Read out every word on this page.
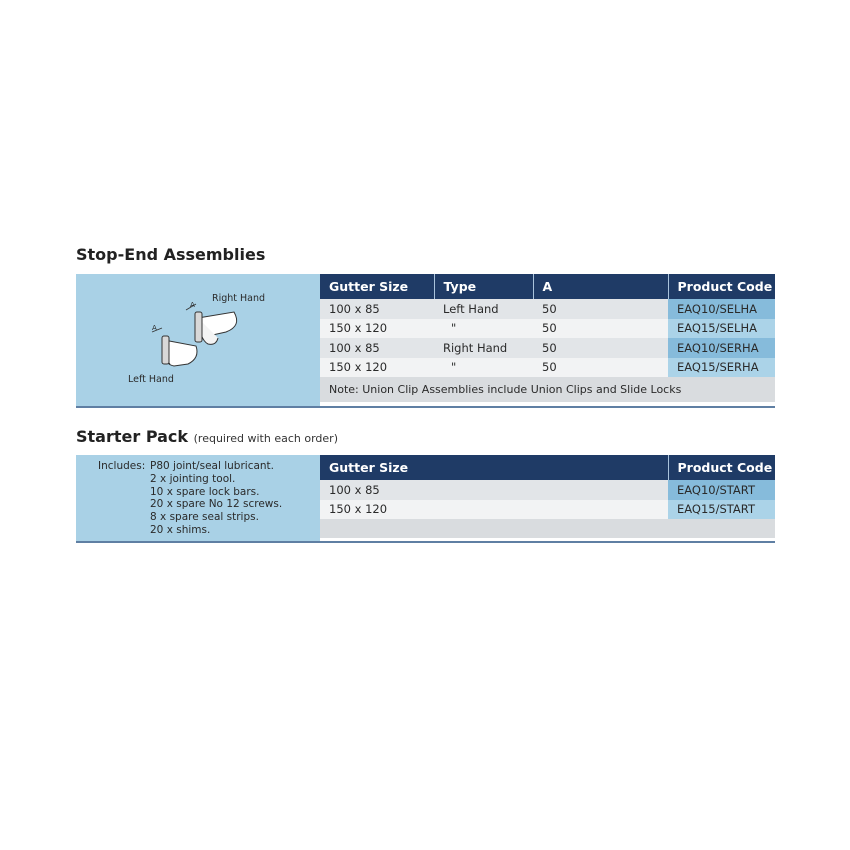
Stop-End Assemblies
Right Hand
Left Hand
A
A
Gutter Size	Type	A	Product Code
100 x 85	Left Hand	50	EAQ10/SELHA
150 x 120	"	50	EAQ15/SELHA
100 x 85	Right Hand	50	EAQ10/SERHA
150 x 120	"	50	EAQ15/SERHA
Note: Union Clip Assemblies include Union Clips and Slide Locks			
Starter Pack (required with each order)
Includes: P80 joint/seal lubricant.
2 x jointing tool.
10 x spare lock bars.
20 x spare No 12 screws.
8 x spare seal strips.
20 x shims.
Gutter Size	Product Code
100 x 85	EAQ10/START
150 x 120	EAQ15/START
